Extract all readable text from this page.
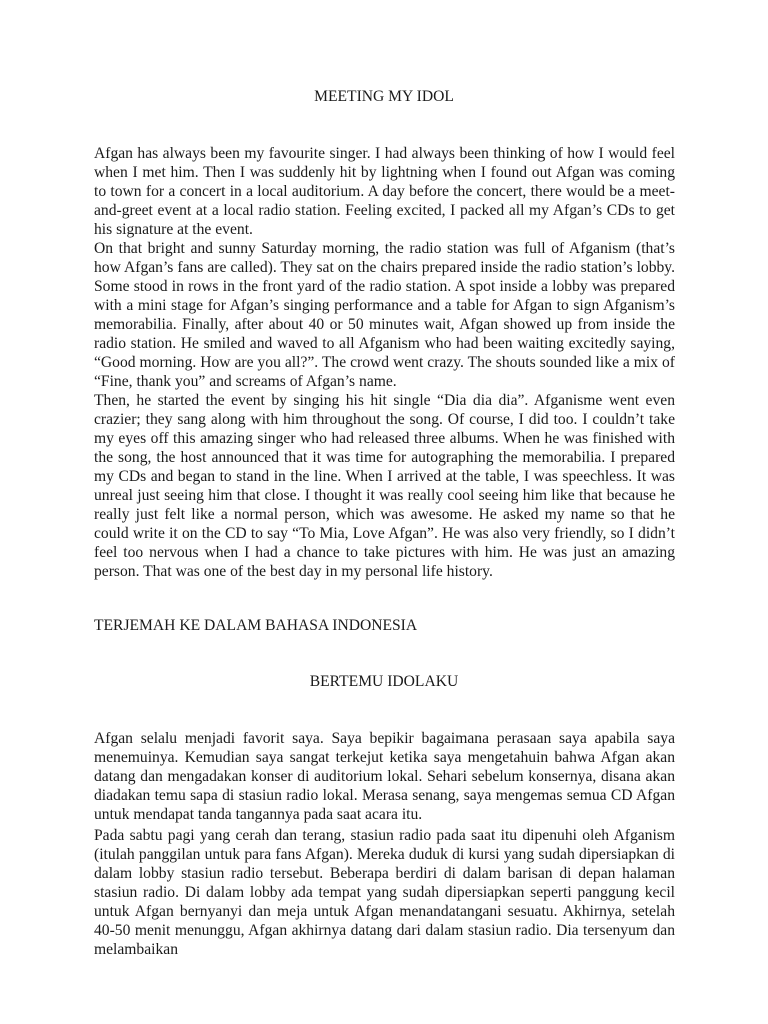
MEETING MY IDOL

Afgan has always been my favourite singer. I had always been thinking of how I would feel when I met him. Then I was suddenly hit by lightning when I found out Afgan was coming to town for a concert in a local auditorium. A day before the concert, there would be a meet-and-greet event at a local radio station. Feeling excited, I packed all my Afgan’s CDs to get his signature at the event.

On that bright and sunny Saturday morning, the radio station was full of Afganism (that’s how Afgan’s fans are called). They sat on the chairs prepared inside the radio station’s lobby. Some stood in rows in the front yard of the radio station. A spot inside a lobby was prepared with a mini stage for Afgan’s singing performance and a table for Afgan to sign Afganism’s memorabilia. Finally, after about 40 or 50 minutes wait, Afgan showed up from inside the radio station. He smiled and waved to all Afganism who had been waiting excitedly saying, “Good morning. How are you all?”. The crowd went crazy. The shouts sounded like a mix of “Fine, thank you” and screams of Afgan’s name.

Then, he started the event by singing his hit single “Dia dia dia”. Afganisme went even crazier; they sang along with him throughout the song. Of course, I did too. I couldn’t take my eyes off this amazing singer who had released three albums. When he was finished with the song, the host announced that it was time for autographing the memorabilia. I prepared my CDs and began to stand in the line. When I arrived at the table, I was speechless. It was unreal just seeing him that close. I thought it was really cool seeing him like that because he really just felt like a normal person, which was awesome. He asked my name so that he could write it on the CD to say “To Mia, Love Afgan”. He was also very friendly, so I didn’t feel too nervous when I had a chance to take pictures with him. He was just an amazing person. That was one of the best day in my personal life history.

TERJEMAH KE DALAM BAHASA INDONESIA
BERTEMU IDOLAKU

Afgan selalu menjadi favorit saya. Saya bepikir bagaimana perasaan saya apabila saya menemuinya. Kemudian saya sangat terkejut ketika saya mengetahuin bahwa Afgan akan datang dan mengadakan konser di auditorium lokal. Sehari sebelum konsernya, disana akan diadakan temu sapa di stasiun radio lokal. Merasa senang, saya mengemas semua CD Afgan untuk mendapat tanda tangannya pada saat acara itu.

Pada sabtu pagi yang cerah dan terang, stasiun radio pada saat itu dipenuhi oleh Afganism (itulah panggilan untuk para fans Afgan). Mereka duduk di kursi yang sudah dipersiapkan di dalam lobby stasiun radio tersebut. Beberapa berdiri di dalam barisan di depan halaman stasiun radio. Di dalam lobby ada tempat yang sudah dipersiapkan seperti panggung kecil untuk Afgan bernyanyi dan meja untuk Afgan menandatangani sesuatu. Akhirnya, setelah 40-50 menit menunggu, Afgan akhirnya datang dari dalam stasiun radio. Dia tersenyum dan melambaikan
